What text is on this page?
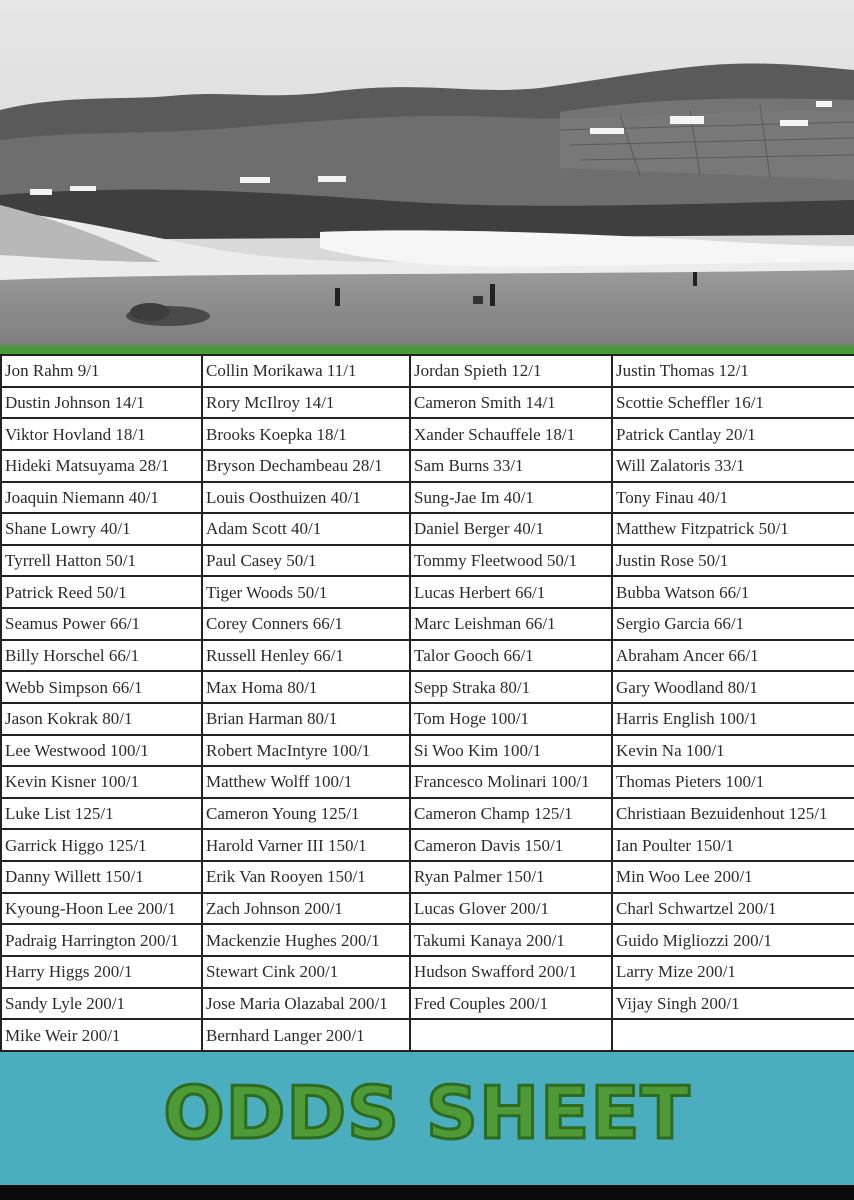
Jon Rahm 9/1	Collin Morikawa 11/1	Jordan Spieth 12/1	Justin Thomas 12/1
Dustin Johnson 14/1	Rory McIlroy 14/1	Cameron Smith 14/1	Scottie Scheffler 16/1
Viktor Hovland 18/1	Brooks Koepka 18/1	Xander Schauffele 18/1	Patrick Cantlay 20/1
Hideki Matsuyama 28/1	Bryson Dechambeau 28/1	Sam Burns 33/1	Will Zalatoris 33/1
Joaquin Niemann 40/1	Louis Oosthuizen 40/1	Sung-Jae Im 40/1	Tony Finau 40/1
Shane Lowry 40/1	Adam Scott 40/1	Daniel Berger 40/1	Matthew Fitzpatrick 50/1
Tyrrell Hatton 50/1	Paul Casey 50/1	Tommy Fleetwood 50/1	Justin Rose 50/1
Patrick Reed 50/1	Tiger Woods 50/1	Lucas Herbert 66/1	Bubba Watson 66/1
Seamus Power 66/1	Corey Conners 66/1	Marc Leishman 66/1	Sergio Garcia 66/1
Billy Horschel 66/1	Russell Henley 66/1	Talor Gooch 66/1	Abraham Ancer 66/1
Webb Simpson 66/1	Max Homa 80/1	Sepp Straka 80/1	Gary Woodland 80/1
Jason Kokrak 80/1	Brian Harman 80/1	Tom Hoge 100/1	Harris English 100/1
Lee Westwood 100/1	Robert MacIntyre 100/1	Si Woo Kim 100/1	Kevin Na 100/1
Kevin Kisner 100/1	Matthew Wolff 100/1	Francesco Molinari 100/1	Thomas Pieters 100/1
Luke List 125/1	Cameron Young 125/1	Cameron Champ 125/1	Christiaan Bezuidenhout 125/1
Garrick Higgo 125/1	Harold Varner III 150/1	Cameron Davis 150/1	Ian Poulter 150/1
Danny Willett 150/1	Erik Van Rooyen 150/1	Ryan Palmer 150/1	Min Woo Lee 200/1
Kyoung-Hoon Lee 200/1	Zach Johnson 200/1	Lucas Glover 200/1	Charl Schwartzel 200/1
Padraig Harrington 200/1	Mackenzie Hughes 200/1	Takumi Kanaya 200/1	Guido Migliozzi 200/1
Harry Higgs 200/1	Stewart Cink 200/1	Hudson Swafford 200/1	Larry Mize 200/1
Sandy Lyle 200/1	Jose Maria Olazabal 200/1	Fred Couples 200/1	Vijay Singh 200/1
Mike Weir 200/1	Bernhard Langer 200/1		
ODDS SHEET
